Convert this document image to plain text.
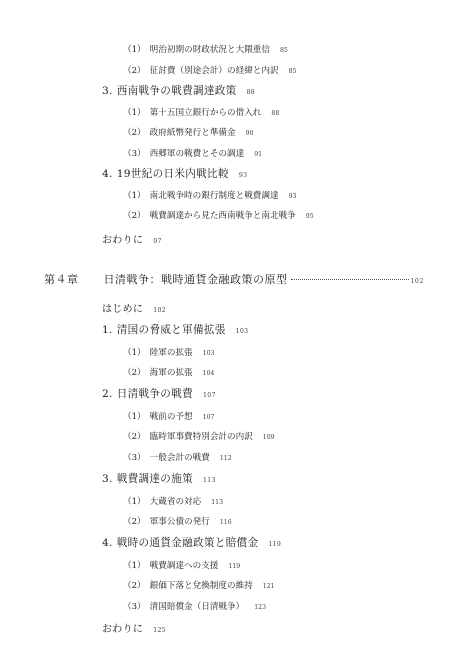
（1） 明治初期の財政状況と大隈重信 85
（2） 征討費（別途会計）の経緯と内訳 85
3. 西南戦争の戦費調達政策 88
（1） 第十五国立銀行からの借入れ 88
（2） 政府紙幣発行と準備金 90
（3） 西郷軍の戦費とその調達 91
4. 19世紀の日米内戦比較 93
（1） 南北戦争時の銀行制度と戦費調達 93
（2） 戦費調達から見た西南戦争と南北戦争 95
おわりに 97
第４章 日清戦争：戦時通貨金融政策の原型	102
はじめに 102
1. 清国の脅威と軍備拡張 103
（1） 陸軍の拡張 103
（2） 海軍の拡張 104
2. 日清戦争の戦費 107
（1） 戦前の予想 107
（2） 臨時軍事費特別会計の内訳 109
（3） 一般会計の戦費 112
3. 戦費調達の施策 113
（1） 大蔵省の対応 113
（2） 軍事公債の発行 116
4. 戦時の通貨金融政策と賠償金 119
（1） 戦費調達への支援 119
（2） 銀価下落と兌換制度の維持 121
（3） 清国賠償金（日清戦争） 123
おわりに 125
